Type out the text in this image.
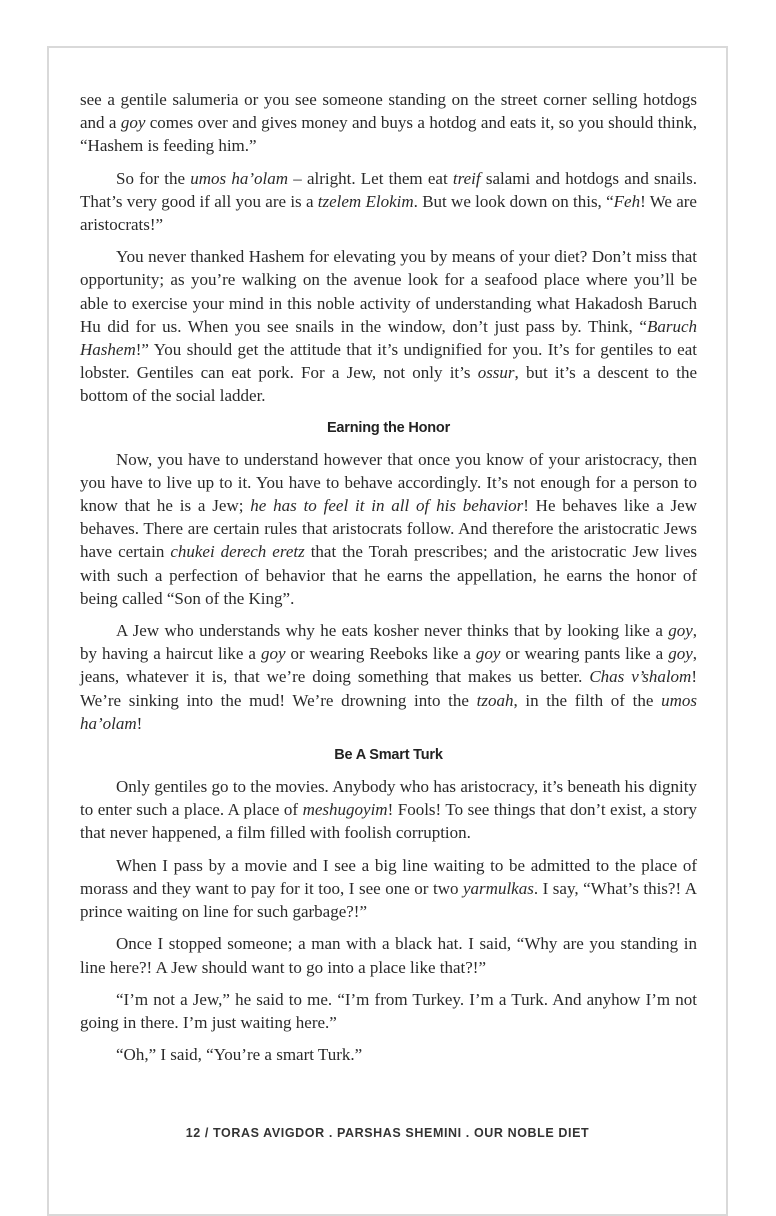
see a gentile salumeria or you see someone standing on the street corner selling hotdogs and a goy comes over and gives money and buys a hotdog and eats it, so you should think, “Hashem is feeding him.”

So for the umos ha’olam – alright. Let them eat treif salami and hotdogs and snails. That’s very good if all you are is a tzelem Elokim. But we look down on this, “Feh! We are aristocrats!”

You never thanked Hashem for elevating you by means of your diet? Don’t miss that opportunity; as you’re walking on the avenue look for a seafood place where you’ll be able to exercise your mind in this noble activity of understanding what Hakadosh Baruch Hu did for us. When you see snails in the window, don’t just pass by. Think, “Baruch Hashem!” You should get the attitude that it’s undignified for you. It’s for gentiles to eat lobster. Gentiles can eat pork. For a Jew, not only it’s ossur, but it’s a descent to the bottom of the social ladder.

Earning the Honor

Now, you have to understand however that once you know of your aristocracy, then you have to live up to it. You have to behave accordingly. It’s not enough for a person to know that he is a Jew; he has to feel it in all of his behavior! He behaves like a Jew behaves. There are certain rules that aristocrats follow. And therefore the aristocratic Jews have certain chukei derech eretz that the Torah prescribes; and the aristocratic Jew lives with such a perfection of behavior that he earns the appellation, he earns the honor of being called “Son of the King”.

A Jew who understands why he eats kosher never thinks that by looking like a goy, by having a haircut like a goy or wearing Reeboks like a goy or wearing pants like a goy, jeans, whatever it is, that we’re doing something that makes us better. Chas v’shalom! We’re sinking into the mud! We’re drowning into the tzoah, in the filth of the umos ha’olam!

Be A Smart Turk

Only gentiles go to the movies. Anybody who has aristocracy, it’s beneath his dignity to enter such a place. A place of meshugoyim! Fools! To see things that don’t exist, a story that never happened, a film filled with foolish corruption.

When I pass by a movie and I see a big line waiting to be admitted to the place of morass and they want to pay for it too, I see one or two yarmulkas. I say, “What’s this?! A prince waiting on line for such garbage?!”

Once I stopped someone; a man with a black hat. I said, “Why are you standing in line here?! A Jew should want to go into a place like that?!”

“I’m not a Jew,” he said to me. “I’m from Turkey. I’m a Turk. And anyhow I’m not going in there. I’m just waiting here.”

“Oh,” I said, “You’re a smart Turk.”

12 / TORAS AVIGDOR . PARSHAS SHEMINI . OUR NOBLE DIET
